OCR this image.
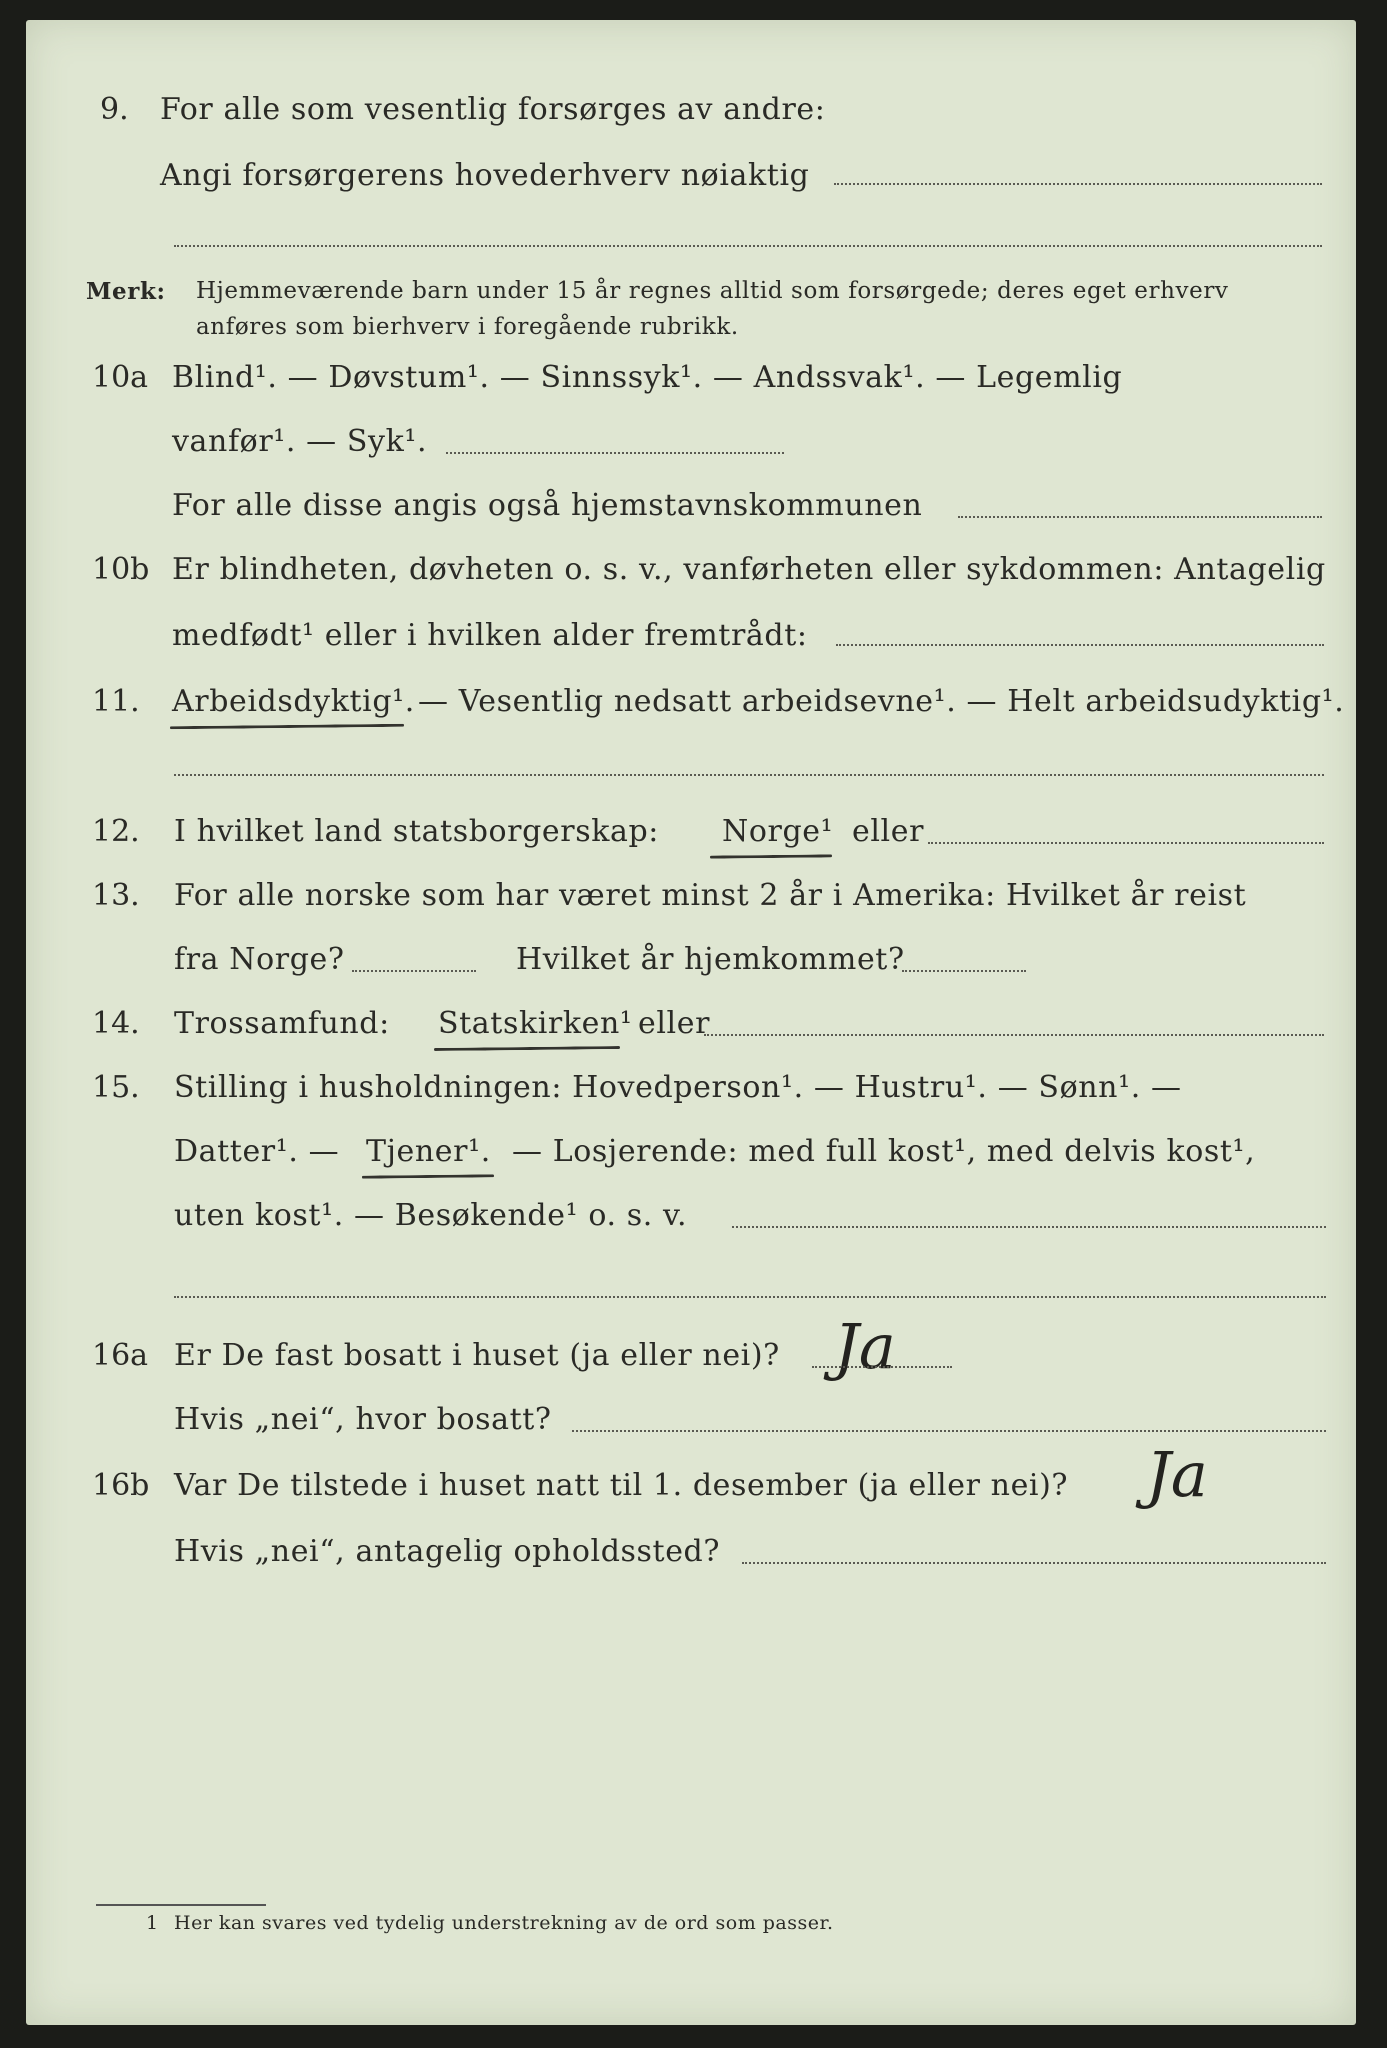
9. For alle som vesentlig forsørges av andre:
Angi forsørgerens hovederhverv nøiaktig
Merk: Hjemmeværende barn under 15 år regnes alltid som forsørgede; deres eget erhverv
anføres som bierhverv i foregående rubrikk.
10a Blind¹. — Døvstum¹. — Sinnssyk¹. — Andssvak¹. — Legemlig
vanfør¹. — Syk¹.
For alle disse angis også hjemstavnskommunen
10b Er blindheten, døvheten o. s. v., vanførheten eller sykdommen: Antagelig
medfødt¹ eller i hvilken alder fremtrådt:
11. Arbeidsdyktig¹. — Vesentlig nedsatt arbeidsevne¹. — Helt arbeidsudyktig¹.
12. I hvilket land statsborgerskap: Norge¹ eller
13. For alle norske som har været minst 2 år i Amerika: Hvilket år reist
fra Norge?	Hvilket år hjemkommet?
14. Trossamfund: Statskirken¹ eller
15. Stilling i husholdningen: Hovedperson¹. — Hustru¹. — Sønn¹. —
Datter¹. — Tjener¹. — Losjerende: med full kost¹, med delvis kost¹,
uten kost¹. — Besøkende¹ o. s. v.
16a Er De fast bosatt i huset (ja eller nei)? Ja
Hvis „nei“, hvor bosatt?
16b Var De tilstede i huset natt til 1. desember (ja eller nei)? Ja
Hvis „nei“, antagelig opholdssted?
1 Her kan svares ved tydelig understrekning av de ord som passer.
